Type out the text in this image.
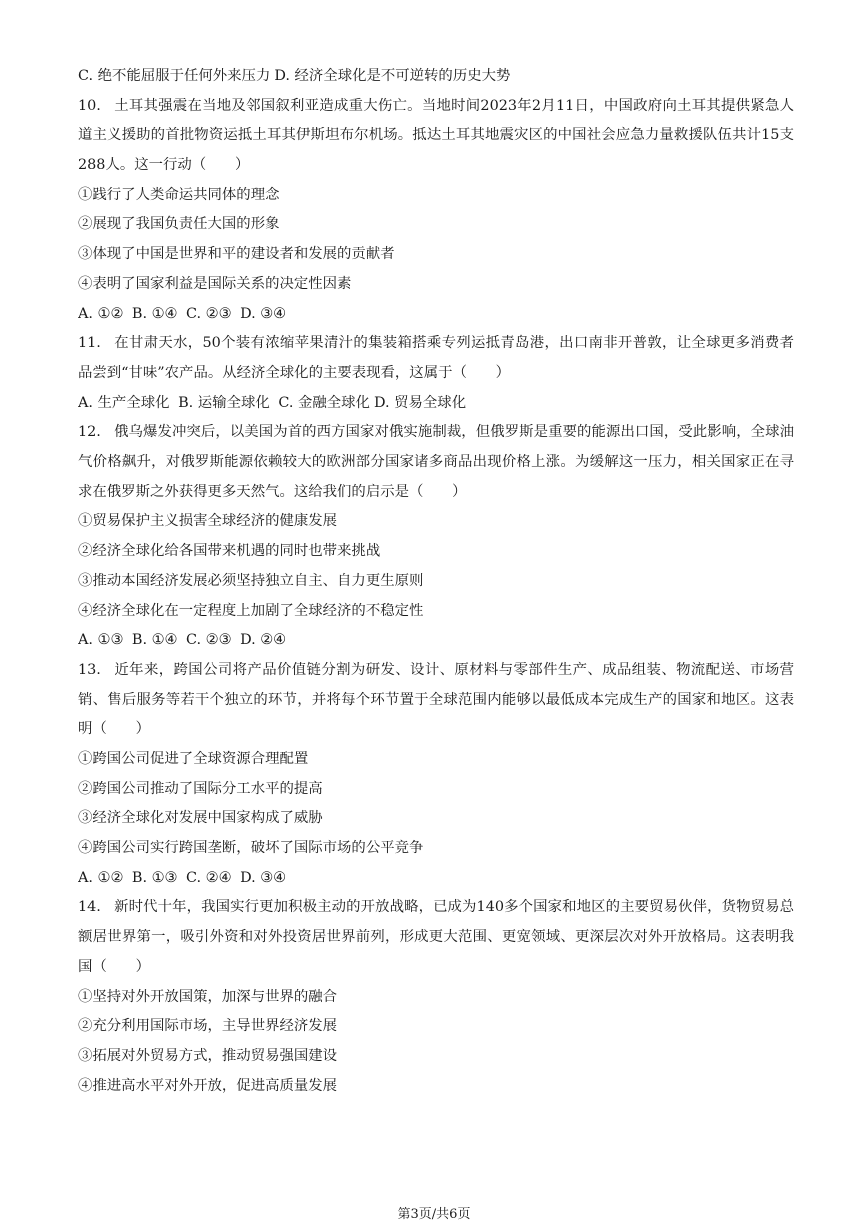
C. 绝不能屈服于任何外来压力 D. 经济全球化是不可逆转的历史大势
10. 土耳其强震在当地及邻国叙利亚造成重大伤亡。当地时间2023年2月11日，中国政府向土耳其提供紧急人道主义援助的首批物资运抵土耳其伊斯坦布尔机场。抵达土耳其地震灾区的中国社会应急力量救援队伍共计15支288人。这一行动（　　）
①践行了人类命运共同体的理念
②展现了我国负责任大国的形象
③体现了中国是世界和平的建设者和发展的贡献者
④表明了国家利益是国际关系的决定性因素
A. ①② B. ①④ C. ②③ D. ③④
11. 在甘肃天水，50个装有浓缩苹果清汁的集装箱搭乘专列运抵青岛港，出口南非开普敦，让全球更多消费者品尝到“甘味”农产品。从经济全球化的主要表现看，这属于（　　）
A. 生产全球化 B. 运输全球化 C. 金融全球化 D. 贸易全球化
12. 俄乌爆发冲突后，以美国为首的西方国家对俄实施制裁，但俄罗斯是重要的能源出口国，受此影响，全球油气价格飙升，对俄罗斯能源依赖较大的欧洲部分国家诸多商品出现价格上涨。为缓解这一压力，相关国家正在寻求在俄罗斯之外获得更多天然气。这给我们的启示是（　　）
①贸易保护主义损害全球经济的健康发展
②经济全球化给各国带来机遇的同时也带来挑战
③推动本国经济发展必须坚持独立自主、自力更生原则
④经济全球化在一定程度上加剧了全球经济的不稳定性
A. ①③ B. ①④ C. ②③ D. ②④
13. 近年来，跨国公司将产品价值链分割为研发、设计、原材料与零部件生产、成品组装、物流配送、市场营销、售后服务等若干个独立的环节，并将每个环节置于全球范围内能够以最低成本完成生产的国家和地区。这表明（　　）
①跨国公司促进了全球资源合理配置
②跨国公司推动了国际分工水平的提高
③经济全球化对发展中国家构成了威胁
④跨国公司实行跨国垄断，破坏了国际市场的公平竞争
A. ①② B. ①③ C. ②④ D. ③④
14. 新时代十年，我国实行更加积极主动的开放战略，已成为140多个国家和地区的主要贸易伙伴，货物贸易总额居世界第一，吸引外资和对外投资居世界前列，形成更大范围、更宽领域、更深层次对外开放格局。这表明我国（　　）
①坚持对外开放国策，加深与世界的融合
②充分利用国际市场，主导世界经济发展
③拓展对外贸易方式，推动贸易强国建设
④推进高水平对外开放，促进高质量发展
第3页/共6页
